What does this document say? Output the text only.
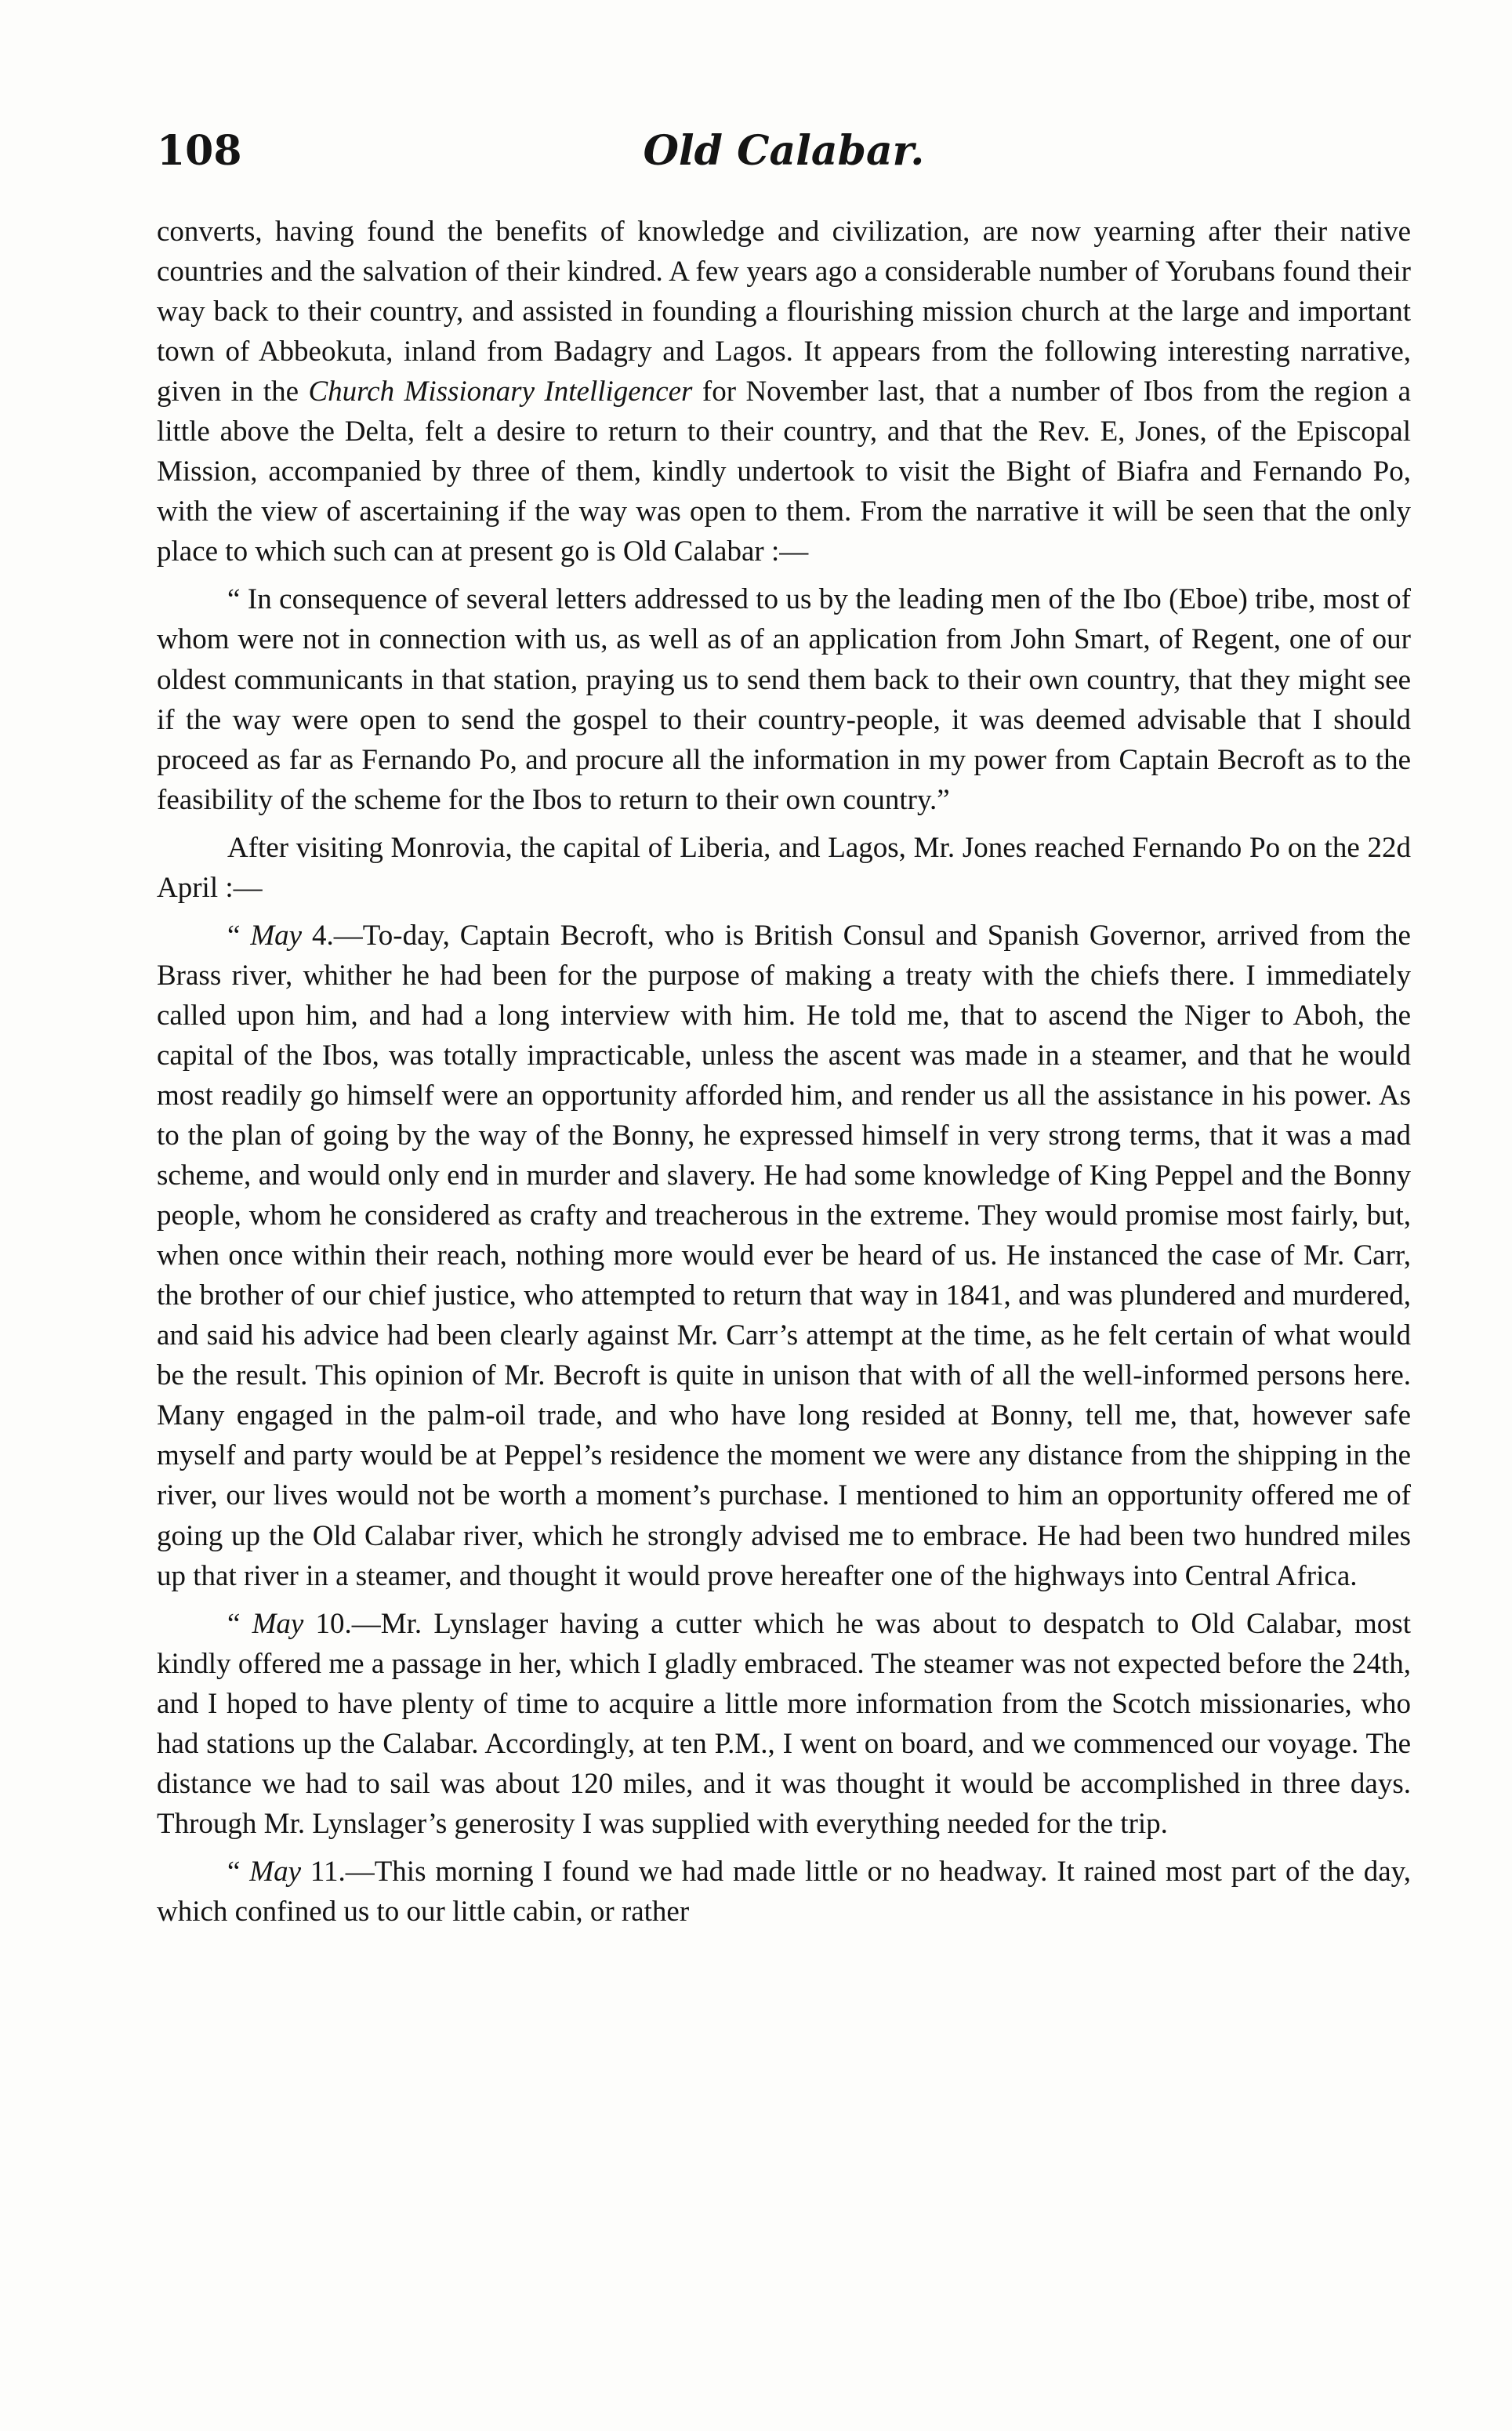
108	Old Calabar.

converts, having found the benefits of knowledge and civilization, are now yearning after their native countries and the salvation of their kindred. A few years ago a considerable number of Yorubans found their way back to their country, and assisted in founding a flourishing mission church at the large and important town of Abbeokuta, inland from Badagry and Lagos. It appears from the following interesting narrative, given in the Church Missionary Intelligencer for November last, that a number of Ibos from the region a little above the Delta, felt a desire to return to their country, and that the Rev. E, Jones, of the Episcopal Mission, accompanied by three of them, kindly undertook to visit the Bight of Biafra and Fernando Po, with the view of ascertaining if the way was open to them. From the narrative it will be seen that the only place to which such can at present go is Old Calabar :—

“ In consequence of several letters addressed to us by the leading men of the Ibo (Eboe) tribe, most of whom were not in connection with us, as well as of an application from John Smart, of Regent, one of our oldest communicants in that station, praying us to send them back to their own country, that they might see if the way were open to send the gospel to their country-people, it was deemed advisable that I should proceed as far as Fernando Po, and procure all the information in my power from Captain Becroft as to the feasibility of the scheme for the Ibos to return to their own country.”

After visiting Monrovia, the capital of Liberia, and Lagos, Mr. Jones reached Fernando Po on the 22d April :—

“ May 4.—To-day, Captain Becroft, who is British Consul and Spanish Governor, arrived from the Brass river, whither he had been for the purpose of making a treaty with the chiefs there. I immediately called upon him, and had a long interview with him. He told me, that to ascend the Niger to Aboh, the capital of the Ibos, was totally impracticable, unless the ascent was made in a steamer, and that he would most readily go himself were an opportunity afforded him, and render us all the assistance in his power. As to the plan of going by the way of the Bonny, he expressed himself in very strong terms, that it was a mad scheme, and would only end in murder and slavery. He had some knowledge of King Peppel and the Bonny people, whom he considered as crafty and treacherous in the extreme. They would promise most fairly, but, when once within their reach, nothing more would ever be heard of us. He instanced the case of Mr. Carr, the brother of our chief justice, who attempted to return that way in 1841, and was plundered and murdered, and said his advice had been clearly against Mr. Carr’s attempt at the time, as he felt certain of what would be the result. This opinion of Mr. Becroft is quite in unison that with of all the well-informed persons here. Many engaged in the palm-oil trade, and who have long resided at Bonny, tell me, that, however safe myself and party would be at Peppel’s residence the moment we were any distance from the shipping in the river, our lives would not be worth a moment’s purchase. I mentioned to him an opportunity offered me of going up the Old Calabar river, which he strongly advised me to embrace. He had been two hundred miles up that river in a steamer, and thought it would prove hereafter one of the highways into Central Africa.

“ May 10.—Mr. Lynslager having a cutter which he was about to despatch to Old Calabar, most kindly offered me a passage in her, which I gladly embraced. The steamer was not expected before the 24th, and I hoped to have plenty of time to acquire a little more information from the Scotch missionaries, who had stations up the Calabar. Accordingly, at ten P.M., I went on board, and we commenced our voyage. The distance we had to sail was about 120 miles, and it was thought it would be accomplished in three days. Through Mr. Lynslager’s generosity I was supplied with everything needed for the trip.

“ May 11.—This morning I found we had made little or no headway. It rained most part of the day, which confined us to our little cabin, or rather
